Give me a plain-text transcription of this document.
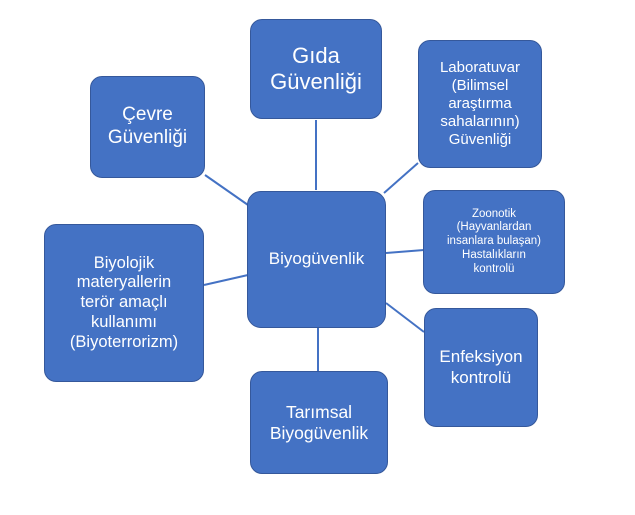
Gıda
Güvenliği
Laboratuvar
(Bilimsel
araştırma
sahalarının)
Güvenliği
Çevre
Güvenliği
Biyogüvenlik
Zoonotik
(Hayvanlardan
insanlara bulaşan)
Hastalıkların
kontrolü
Biyolojik
materyallerin
terör amaçlı
kullanımı
(Biyoterrorizm)
Enfeksiyon
kontrolü
Tarımsal
Biyogüvenlik
